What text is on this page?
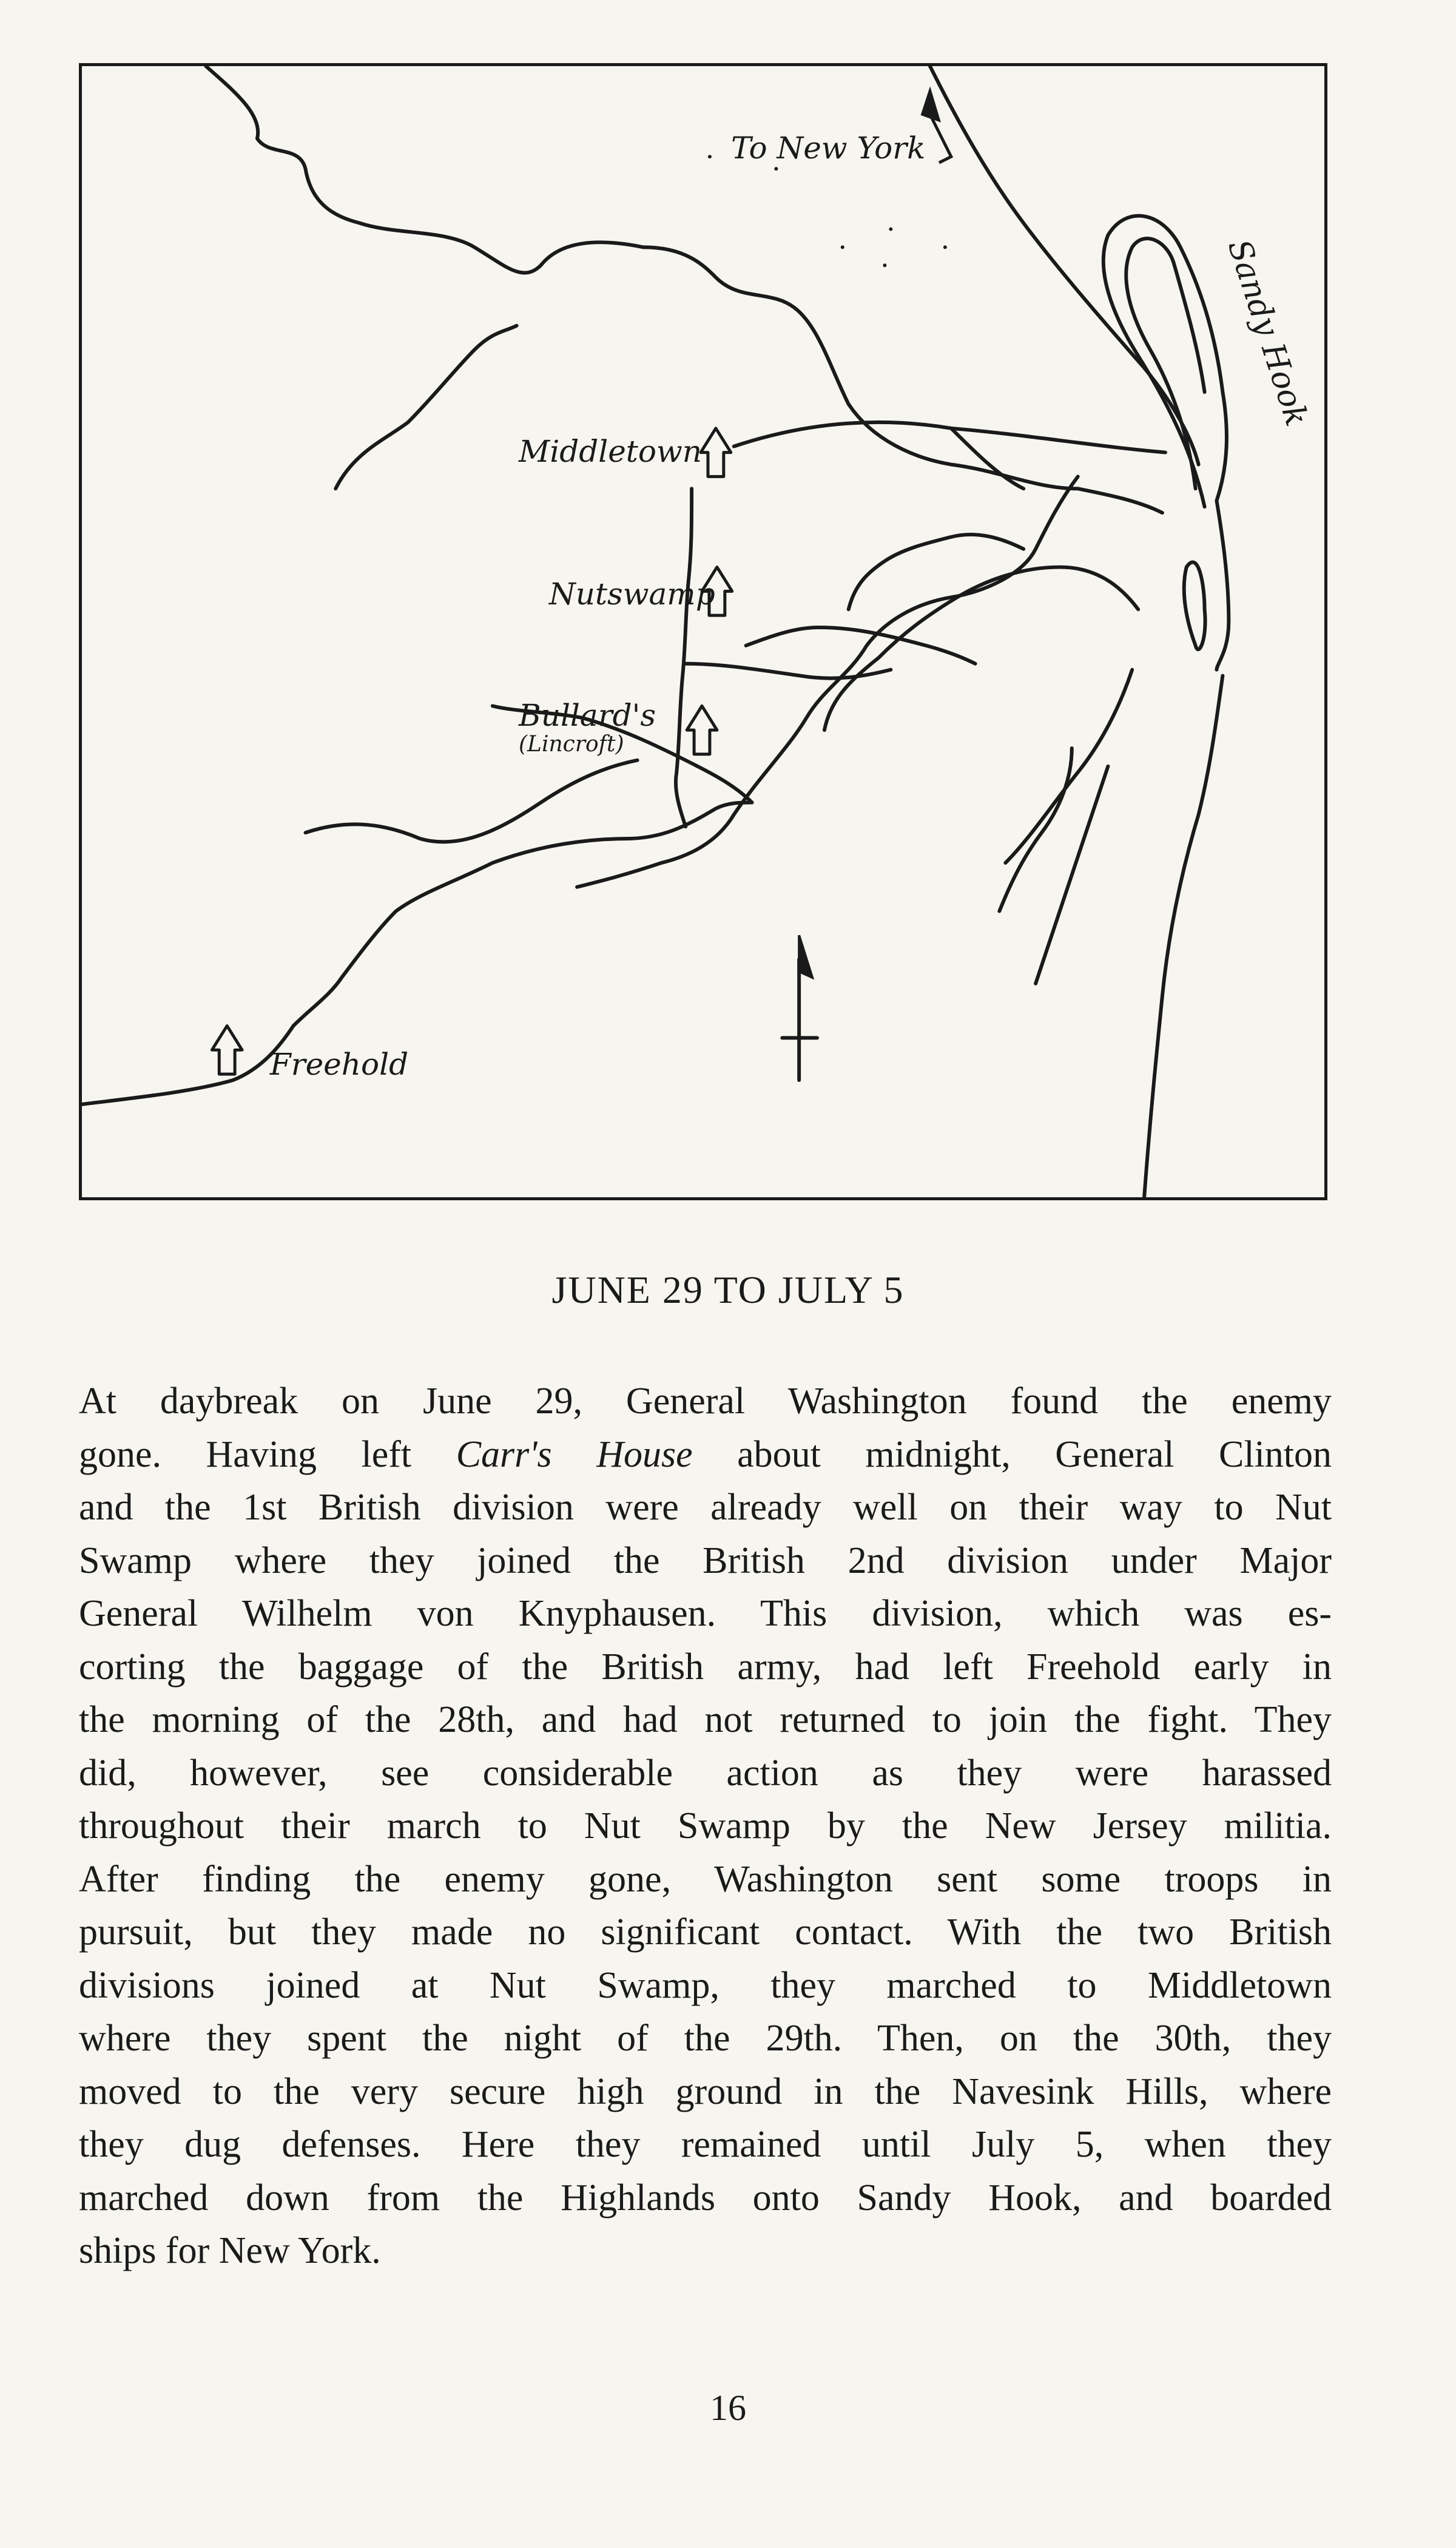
To New York
Sandy Hook
Middletown
Nutswamp
Bullard's
(Lincroft)
Freehold
JUNE 29 TO JULY 5
At daybreak on June 29, General Washington found the enemy
gone. Having left Carr's House about midnight, General Clinton
and the 1st British division were already well on their way to Nut
Swamp where they joined the British 2nd division under Major
General Wilhelm von Knyphausen. This division, which was es-
corting the baggage of the British army, had left Freehold early in
the morning of the 28th, and had not returned to join the fight. They
did, however, see considerable action as they were harassed
throughout their march to Nut Swamp by the New Jersey militia.
After finding the enemy gone, Washington sent some troops in
pursuit, but they made no significant contact. With the two British
divisions joined at Nut Swamp, they marched to Middletown
where they spent the night of the 29th. Then, on the 30th, they
moved to the very secure high ground in the Navesink Hills, where
they dug defenses. Here they remained until July 5, when they
marched down from the Highlands onto Sandy Hook, and boarded
ships for New York.
16
